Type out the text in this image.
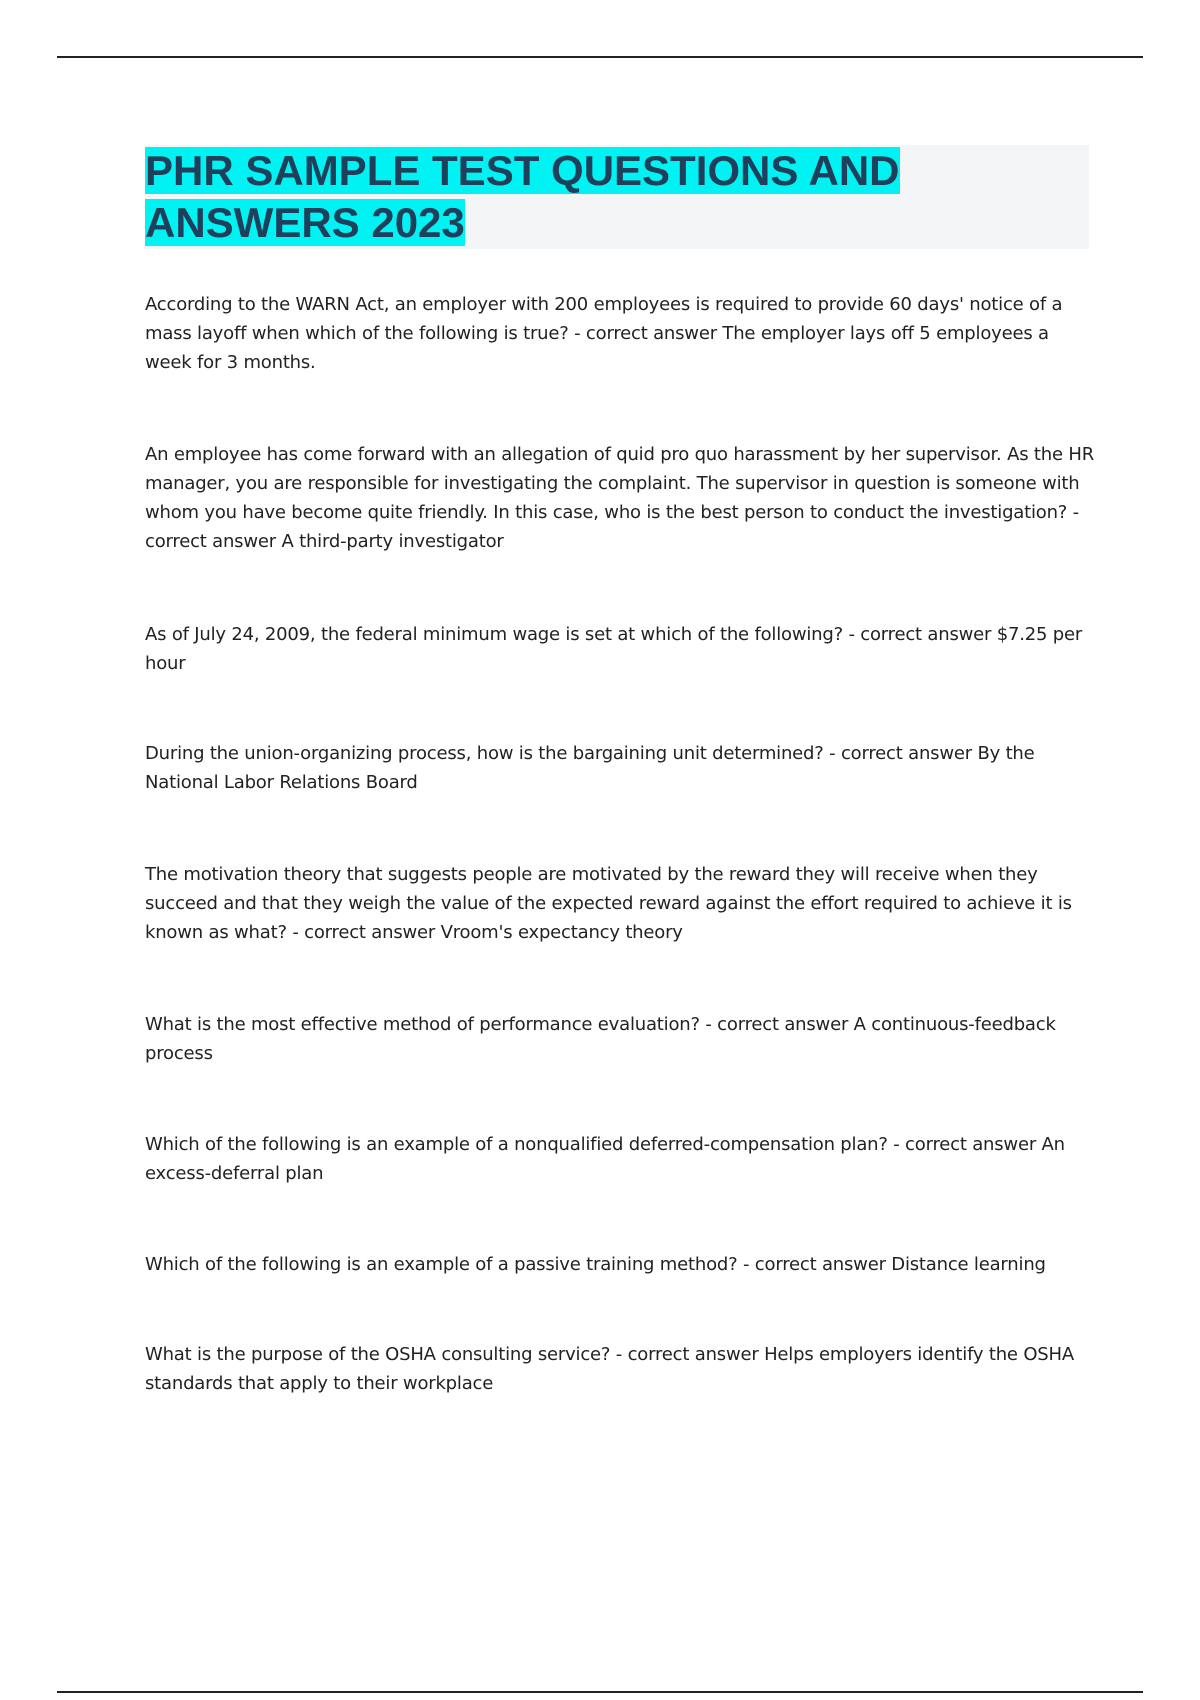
PHR SAMPLE TEST QUESTIONS AND ANSWERS 2023

According to the WARN Act, an employer with 200 employees is required to provide 60 days' notice of a mass layoff when which of the following is true? - correct answer The employer lays off 5 employees a week for 3 months.

An employee has come forward with an allegation of quid pro quo harassment by her supervisor. As the HR manager, you are responsible for investigating the complaint. The supervisor in question is someone with whom you have become quite friendly. In this case, who is the best person to conduct the investigation? - correct answer A third-party investigator

As of July 24, 2009, the federal minimum wage is set at which of the following? - correct answer $7.25 per hour

During the union-organizing process, how is the bargaining unit determined? - correct answer By the National Labor Relations Board

The motivation theory that suggests people are motivated by the reward they will receive when they succeed and that they weigh the value of the expected reward against the effort required to achieve it is known as what? - correct answer Vroom's expectancy theory

What is the most effective method of performance evaluation? - correct answer A continuous-feedback process

Which of the following is an example of a nonqualified deferred-compensation plan? - correct answer An excess-deferral plan

Which of the following is an example of a passive training method? - correct answer Distance learning

What is the purpose of the OSHA consulting service? - correct answer Helps employers identify the OSHA standards that apply to their workplace
